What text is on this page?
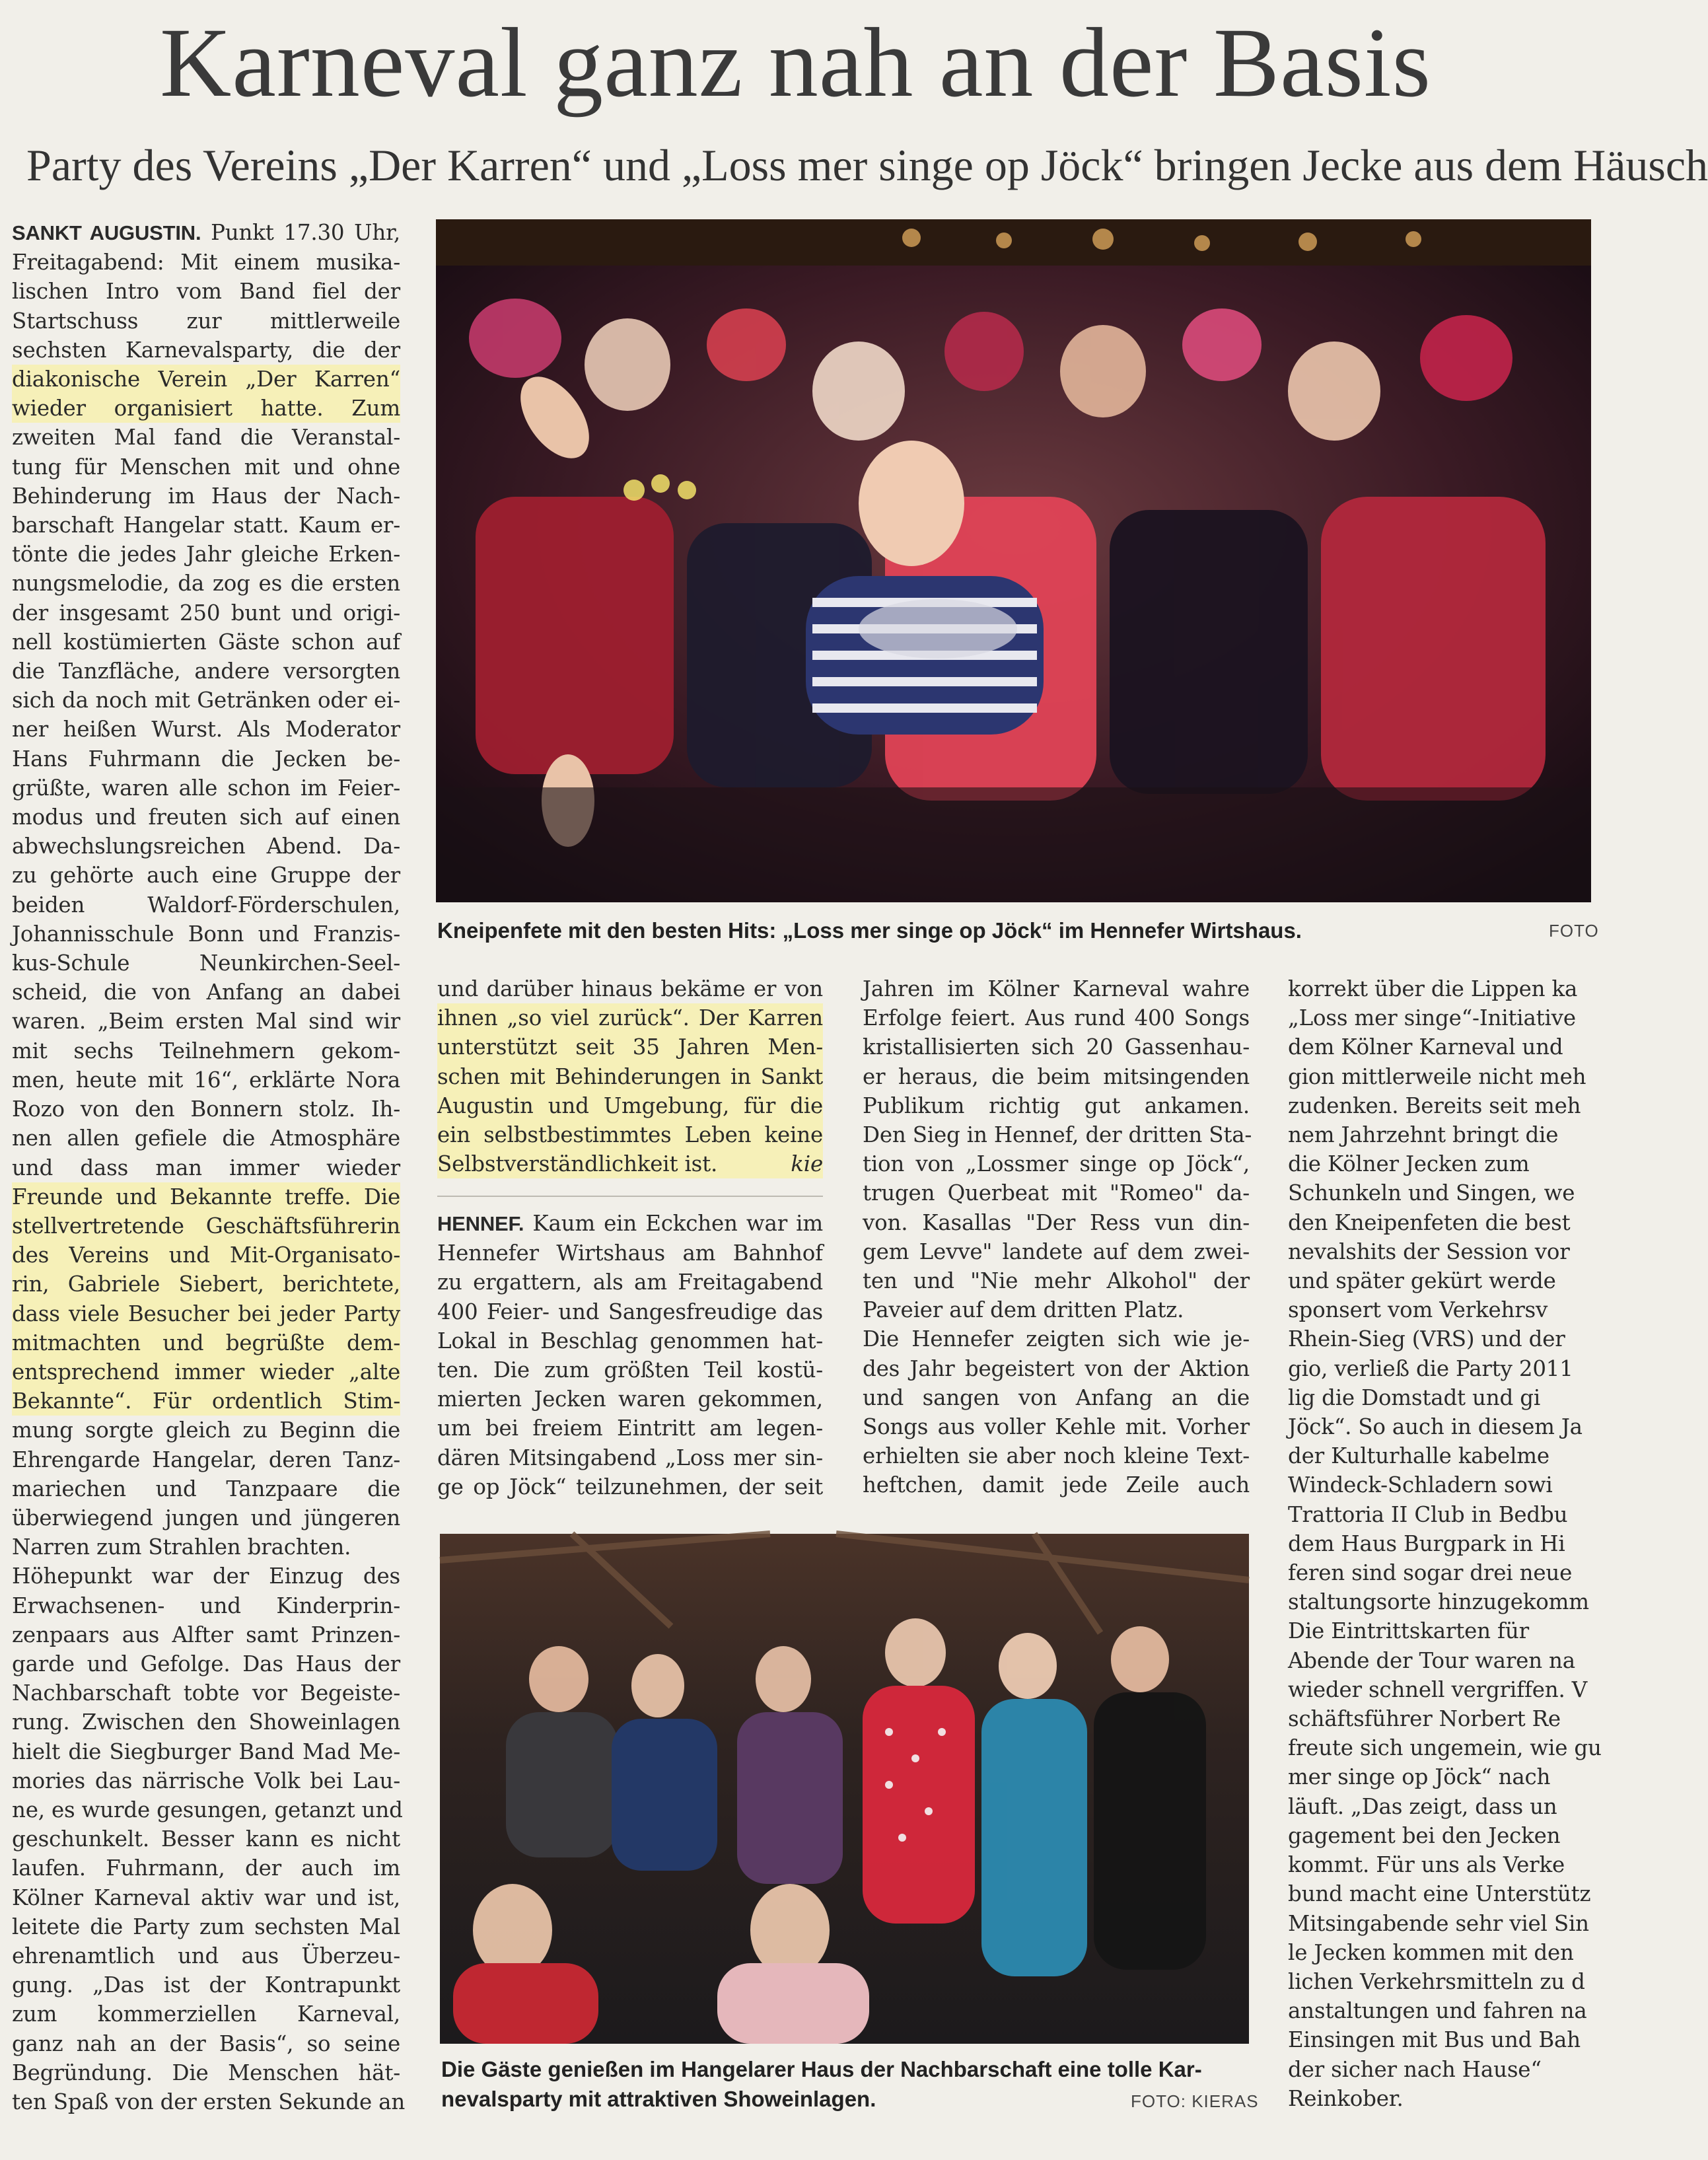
Karneval ganz nah an der Basis
Party des Vereins „Der Karren“ und „Loss mer singe op Jöck“ bringen Jecke aus dem Häusch
SANKT AUGUSTIN. Punkt 17.30 Uhr,
Freitagabend: Mit einem musika-
lischen Intro vom Band fiel der
Startschuss zur mittlerweile
sechsten Karnevalsparty, die der
diakonische Verein „Der Karren“
wieder organisiert hatte. Zum
zweiten Mal fand die Veranstal-
tung für Menschen mit und ohne
Behinderung im Haus der Nach-
barschaft Hangelar statt. Kaum er-
tönte die jedes Jahr gleiche Erken-
nungsmelodie, da zog es die ersten
der insgesamt 250 bunt und origi-
nell kostümierten Gäste schon auf
die Tanzfläche, andere versorgten
sich da noch mit Getränken oder ei-
ner heißen Wurst. Als Moderator
Hans Fuhrmann die Jecken be-
grüßte, waren alle schon im Feier-
modus und freuten sich auf einen
abwechslungsreichen Abend. Da-
zu gehörte auch eine Gruppe der
beiden Waldorf-Förderschulen,
Johannisschule Bonn und Franzis-
kus-Schule Neunkirchen-Seel-
scheid, die von Anfang an dabei
waren. „Beim ersten Mal sind wir
mit sechs Teilnehmern gekom-
men, heute mit 16“, erklärte Nora
Rozo von den Bonnern stolz. Ih-
nen allen gefiele die Atmosphäre
und dass man immer wieder
Freunde und Bekannte treffe. Die
stellvertretende Geschäftsführerin
des Vereins und Mit-Organisato-
rin, Gabriele Siebert, berichtete,
dass viele Besucher bei jeder Party
mitmachten und begrüßte dem-
entsprechend immer wieder „alte
Bekannte“. Für ordentlich Stim-
mung sorgte gleich zu Beginn die
Ehrengarde Hangelar, deren Tanz-
mariechen und Tanzpaare die
überwiegend jungen und jüngeren
Narren zum Strahlen brachten.
Höhepunkt war der Einzug des
Erwachsenen- und Kinderprin-
zenpaars aus Alfter samt Prinzen-
garde und Gefolge. Das Haus der
Nachbarschaft tobte vor Begeiste-
rung. Zwischen den Showeinlagen
hielt die Siegburger Band Mad Me-
mories das närrische Volk bei Lau-
ne, es wurde gesungen, getanzt und
geschunkelt. Besser kann es nicht
laufen. Fuhrmann, der auch im
Kölner Karneval aktiv war und ist,
leitete die Party zum sechsten Mal
ehrenamtlich und aus Überzeu-
gung. „Das ist der Kontrapunkt
zum kommerziellen Karneval,
ganz nah an der Basis“, so seine
Begründung. Die Menschen hät-
ten Spaß von der ersten Sekunde an
Kneipenfete mit den besten Hits: „Loss mer singe op Jöck“ im Hennefer Wirtshaus.	FOTO
und darüber hinaus bekäme er von
ihnen „so viel zurück“. Der Karren
unterstützt seit 35 Jahren Men-
schen mit Behinderungen in Sankt
Augustin und Umgebung, für die
ein selbstbestimmtes Leben keine
Selbstverständlichkeit ist.	kie
HENNEF. Kaum ein Eckchen war im
Hennefer Wirtshaus am Bahnhof
zu ergattern, als am Freitagabend
400 Feier- und Sangesfreudige das
Lokal in Beschlag genommen hat-
ten. Die zum größten Teil kostü-
mierten Jecken waren gekommen,
um bei freiem Eintritt am legen-
dären Mitsingabend „Loss mer sin-
ge op Jöck“ teilzunehmen, der seit
Jahren im Kölner Karneval wahre
Erfolge feiert. Aus rund 400 Songs
kristallisierten sich 20 Gassenhau-
er heraus, die beim mitsingenden
Publikum richtig gut ankamen.
Den Sieg in Hennef, der dritten Sta-
tion von „Lossmer singe op Jöck“,
trugen Querbeat mit "Romeo" da-
von. Kasallas "Der Ress vun din-
gem Levve" landete auf dem zwei-
ten und "Nie mehr Alkohol" der
Paveier auf dem dritten Platz.
Die Hennefer zeigten sich wie je-
des Jahr begeistert von der Aktion
und sangen von Anfang an die
Songs aus voller Kehle mit. Vorher
erhielten sie aber noch kleine Text-
heftchen, damit jede Zeile auch
korrekt über die Lippen ka
„Loss mer singe“-Initiative
dem Kölner Karneval und
gion mittlerweile nicht meh
zudenken. Bereits seit meh
nem Jahrzehnt bringt die
die Kölner Jecken zum
Schunkeln und Singen, we
den Kneipenfeten die best
nevalshits der Session vor
und später gekürt werde
sponsert vom Verkehrsv
Rhein-Sieg (VRS) und der
gio, verließ die Party 2011
lig die Domstadt und gi
Jöck“. So auch in diesem Ja
der Kulturhalle kabelme
Windeck-Schladern sowi
Trattoria II Club in Bedbu
dem Haus Burgpark in Hi
feren sind sogar drei neue
staltungsorte hinzugekomm
Die Eintrittskarten für
Abende der Tour waren na
wieder schnell vergriffen. V
schäftsführer Norbert Re
freute sich ungemein, wie gu
mer singe op Jöck“ nach
läuft. „Das zeigt, dass un
gagement bei den Jecken
kommt. Für uns als Verke
bund macht eine Unterstütz
Mitsingabende sehr viel Sin
le Jecken kommen mit den
lichen Verkehrsmitteln zu d
anstaltungen und fahren na
Einsingen mit Bus und Bah
der sicher nach Hause“
Reinkober.
Die Gäste genießen im Hangelarer Haus der Nachbarschaft eine tolle Kar-
nevalsparty mit attraktiven Showeinlagen.	FOTO: KIERAS
